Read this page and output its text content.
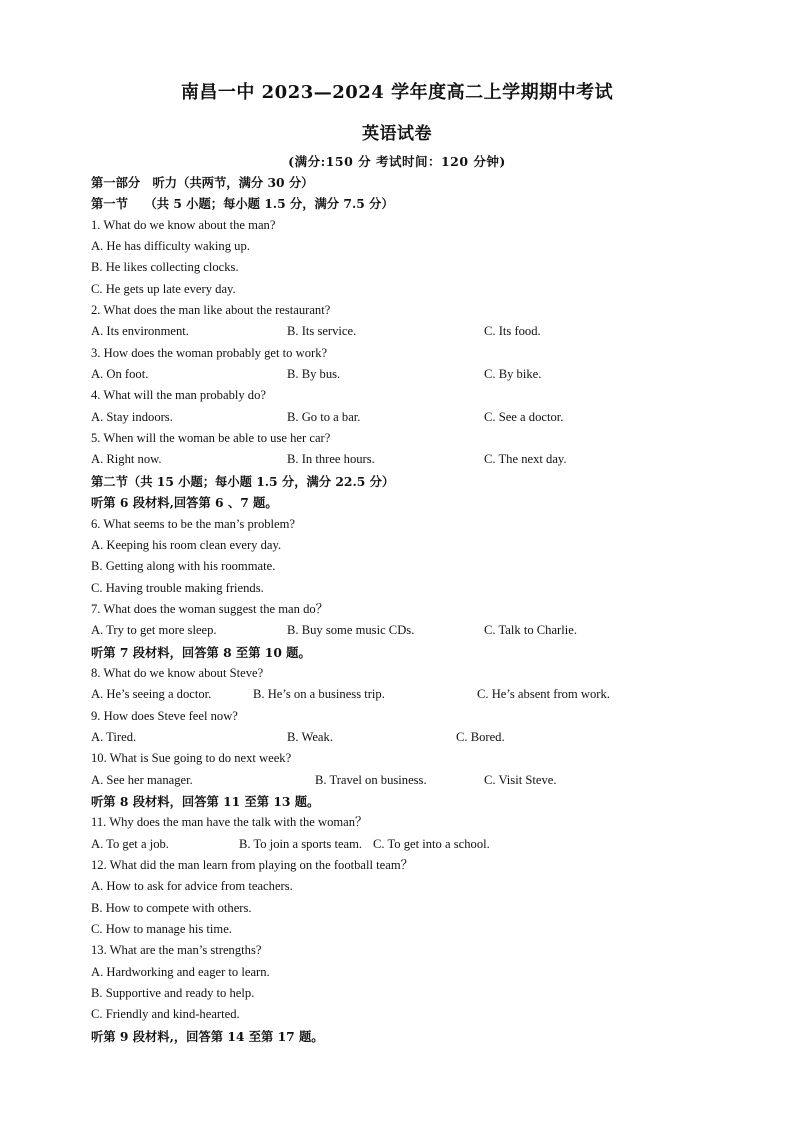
南昌一中 2023—2024 学年度高二上学期期中考试
英语试卷
(满分:150 分 考试时间：120 分钟)
第一部分　听力（共两节，满分 30 分）
第一节　 （共 5 小题；每小题 1.5 分，满分 7.5 分）
1. What do we know about the man?
A. He has difficulty waking up.
B. He likes collecting clocks.
C. He gets up late every day.
2. What does the man like about the restaurant?
A. Its environment.	B. Its service.	C. Its food.
3. How does the woman probably get to work?
A. On foot.	B. By bus.	C. By bike.
4. What will the man probably do?
A. Stay indoors.	B. Go to a bar.	C. See a doctor.
5. When will the woman be able to use her car?
A. Right now.	B. In three hours.	C. The next day.
第二节（共 15 小题；每小题 1.5 分，满分 22.5 分）
听第 6 段材料,回答第 6 、7 题。
6. What seems to be the man’s problem?
A. Keeping his room clean every day.
B. Getting along with his roommate.
C. Having trouble making friends.
7. What does the woman suggest the man do？
A. Try to get more sleep.	B. Buy some music CDs.	C. Talk to Charlie.
听第 7 段材料，回答第 8 至第 10 题。
8. What do we know about Steve?
A. He’s seeing a doctor.	B. He’s on a business trip.	C. He’s absent from work.
9. How does Steve feel now?
A. Tired.	B. Weak.	C. Bored.
10. What is Sue going to do next week?
A. See her manager.	B. Travel on business.	C. Visit Steve.
听第 8 段材料，回答第 11 至第 13 题。
11. Why does the man have the talk with the woman？
A. To get a job.	B. To join a sports team. C. To get into a school.
12. What did the man learn from playing on the football team？
A. How to ask for advice from teachers.
B. How to compete with others.
C. How to manage his time.
13. What are the man’s strengths?
A. Hardworking and eager to learn.
B. Supportive and ready to help.
C. Friendly and kind-hearted.
听第 9 段材料,，回答第 14 至第 17 题。
